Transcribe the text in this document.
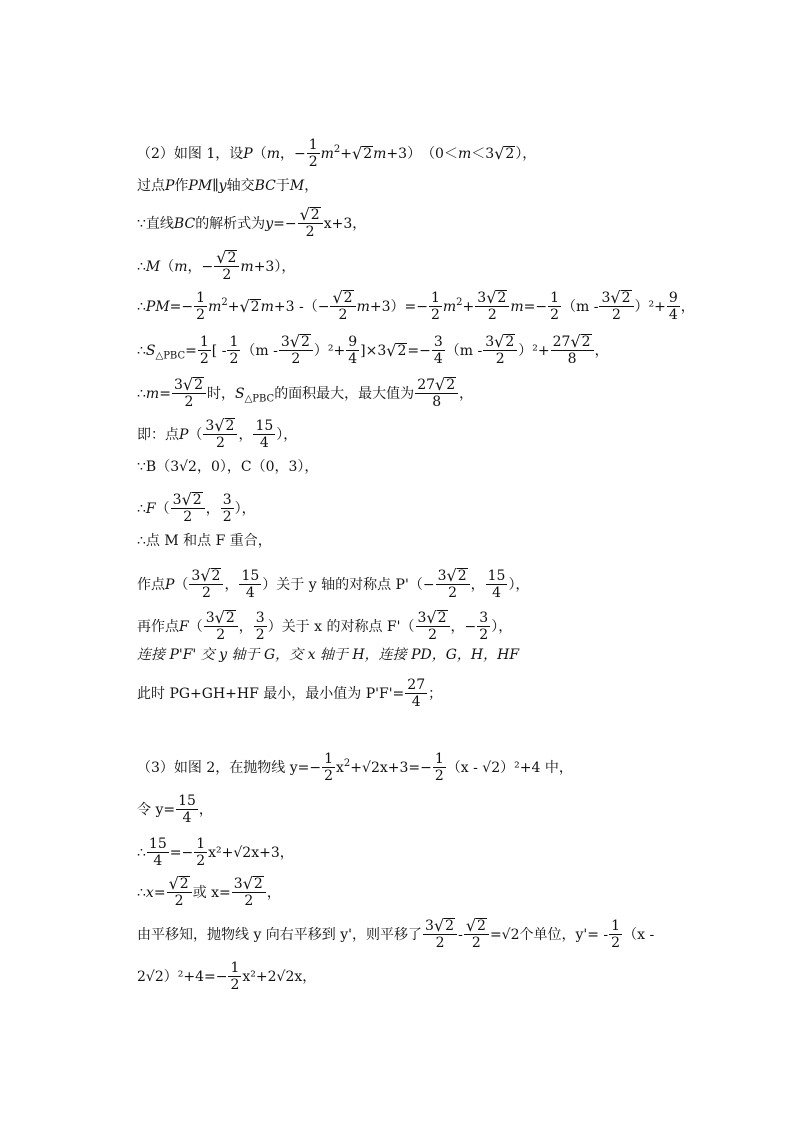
（2）如图 1，设P（m，− $\frac{1}{2} m^2+$ √ 2 m+3）（0＜m＜3 √ 2 ），
过点P作PM∥y轴交BC于M，
∵直线BC的解析式为$y=- \frac{√ 2}{2} x+3$，
∴M（m，− $\frac{√ 2}{2} m+3$），
∴PM=− $\frac{1}{2} m^2+$ √ 2 m+3 -（− $\frac{√ 2}{2} m+3)=- \frac{1}{2} m^2+ \frac{3 √ 2}{2} m=- \frac{1}{2} (m - \frac{3 √ 2}{2} )^2+ \frac{9}{4}$ ，
$\therefore S_{\triangle PBC}= \frac{1}{2}$ [ - $\frac{1}{2} (m - \frac{3 √ 2}{2} )^2+ \frac{9}{4} ]\times 3$ √ $2 =- \frac{3}{4} (m - \frac{3 √ 2}{2} )^2+ \frac{27 √ 2}{8}$ ，
∴m= $\frac{3 √ 2}{2}$ 时，$S_{\triangle PBC}$的面积最大，最大值为 $\frac{27 √ 2}{8}$ ，
即：点$P( \frac{3 √ 2}{2}$ ， $\frac{15}{4}$ ），
∵B（3√2，0），C（0，3），
∴F（ $\frac{3 √ 2}{2}$ ， $\frac{3}{2}$ ），
∴点 M 和点 F 重合，
作点$P( \frac{3 √ 2}{2}$ ， $\frac{15}{4}$ ）关于 y 轴的对称点 $P'(- \frac{3 √ 2}{2}$ ， $\frac{15}{4}$ ），
再作点$F( \frac{3 √ 2}{2}$ ， $\frac{3}{2}$ ）关于 x 的对称点 $F'( \frac{3 √ 2}{2}$ ，− $\frac{3}{2}$ ），
连接 P'F' 交 y 轴于 G，交 x 轴于 H，连接 PD，G，H，HF
此时 PG+GH+HF 最小，最小值为 $P'F'= \frac{27}{4}$ ；
（3）如图 2，在抛物线 $y=- \frac{1}{2} x^2+√2x+3=- \frac{1}{2} (x - √2)^2+4$ 中，
令 $y= \frac{15}{4}$ ，
∴ $\frac{15}{4} =- \frac{1}{2} x^2+√2x+3$，
∴x= $\frac{√ 2}{2}$ 或 $x= \frac{3 √ 2}{2}$ ，
由平移知，抛物线 y 向右平移到 y'，则平移了 $\frac{3 √ 2}{2} - \frac{√ 2}{2} =√2$个单位，$y'= - \frac{1}{2} (x$ -
$2√2)^2+4=- \frac{1}{2} x^2+2√2x$，
